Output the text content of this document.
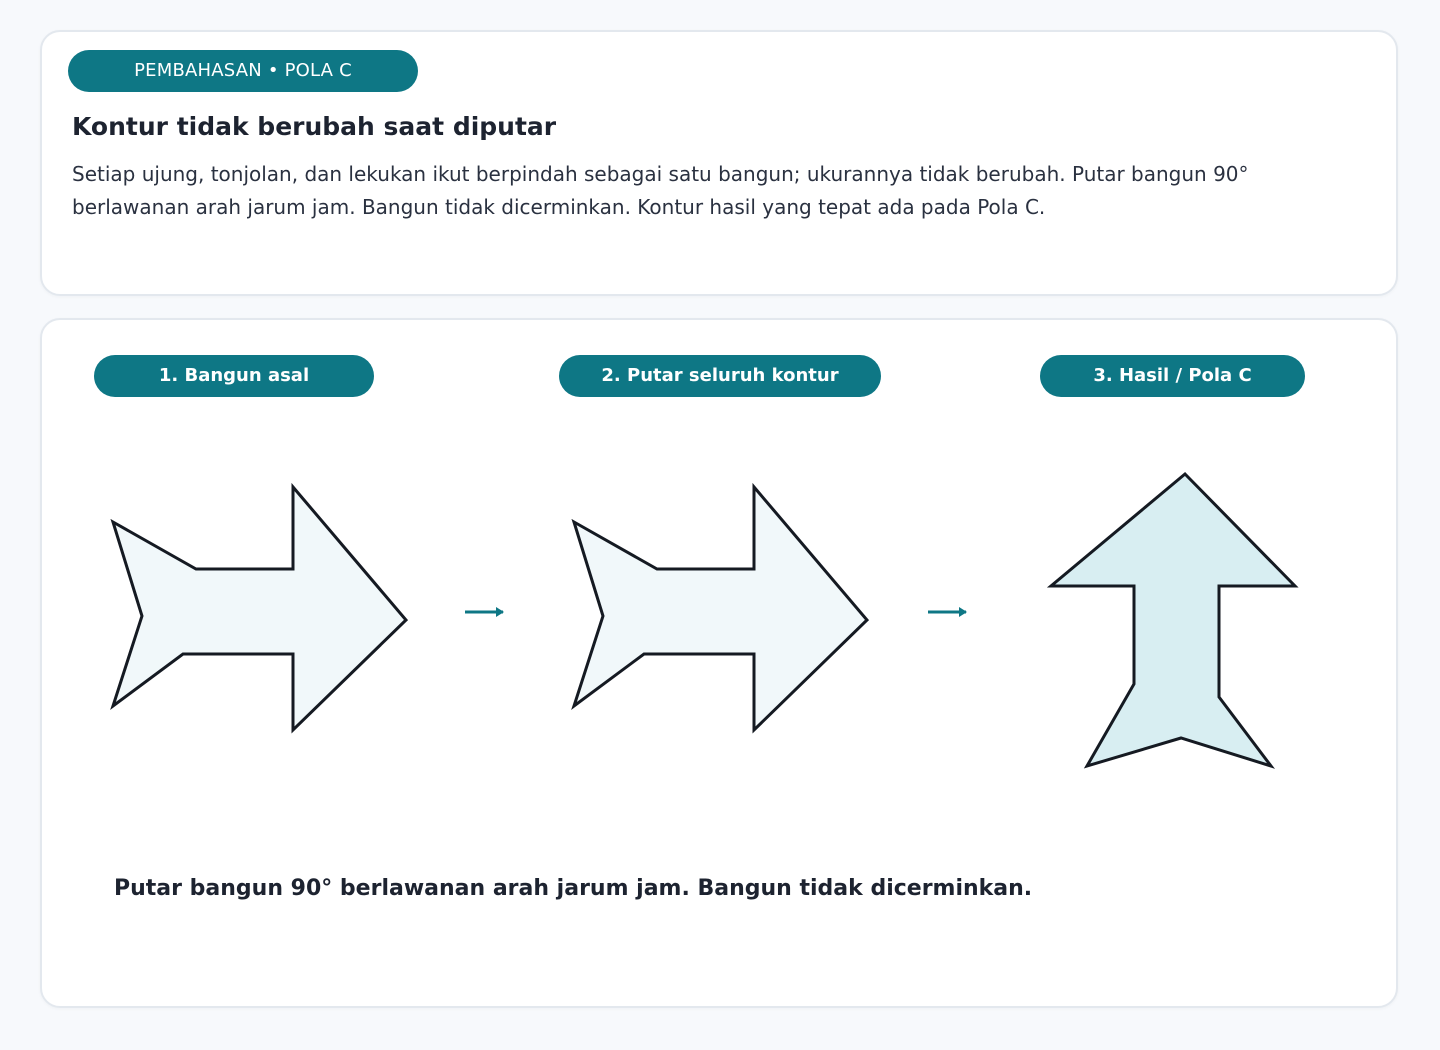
PEMBAHASAN • POLA C
Kontur tidak berubah saat diputar

Setiap ujung, tonjolan, dan lekukan ikut berpindah sebagai satu bangun; ukurannya tidak berubah. Putar bangun 90° berlawanan arah jarum jam. Bangun tidak dicerminkan. Kontur hasil yang tepat ada pada Pola C.

1. Bangun asal	2. Putar seluruh kontur	3. Hasil / Pola C

Putar bangun 90° berlawanan arah jarum jam. Bangun tidak dicerminkan.
